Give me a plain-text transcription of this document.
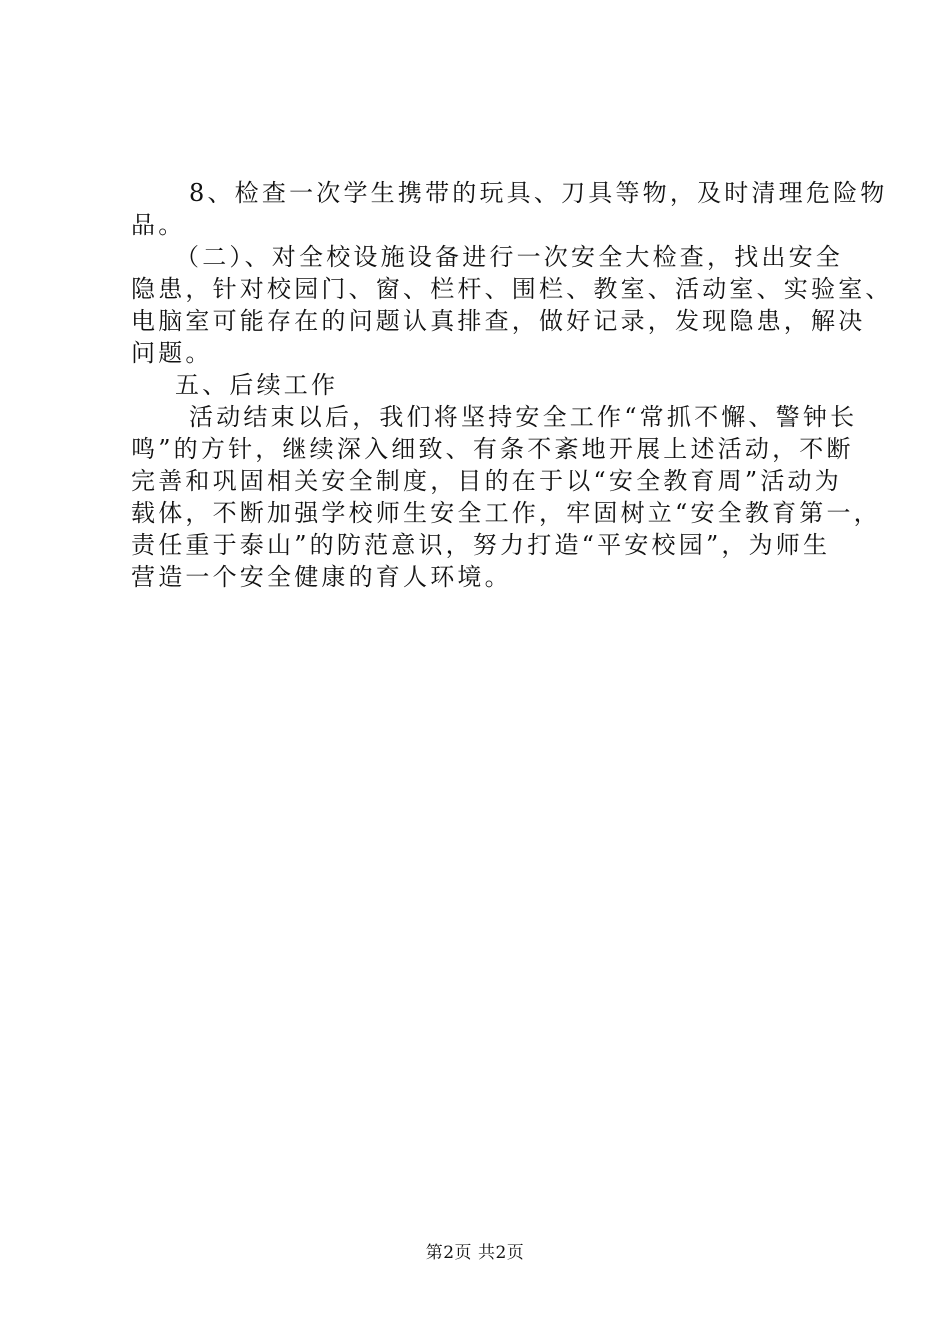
8、检查一次学生携带的玩具、刀具等物，及时清理危险物
品。
（二）、对全校设施设备进行一次安全大检查，找出安全
隐患，针对校园门、窗、栏杆、围栏、教室、活动室、实验室、
电脑室可能存在的问题认真排查，做好记录，发现隐患，解决
问题。
五、后续工作
活动结束以后，我们将坚持安全工作“常抓不懈、警钟长
鸣”的方针，继续深入细致、有条不紊地开展上述活动，不断
完善和巩固相关安全制度，目的在于以“安全教育周”活动为
载体，不断加强学校师生安全工作，牢固树立“安全教育第一，
责任重于泰山”的防范意识，努力打造“平安校园”，为师生
营造一个安全健康的育人环境。
第2页 共2页
